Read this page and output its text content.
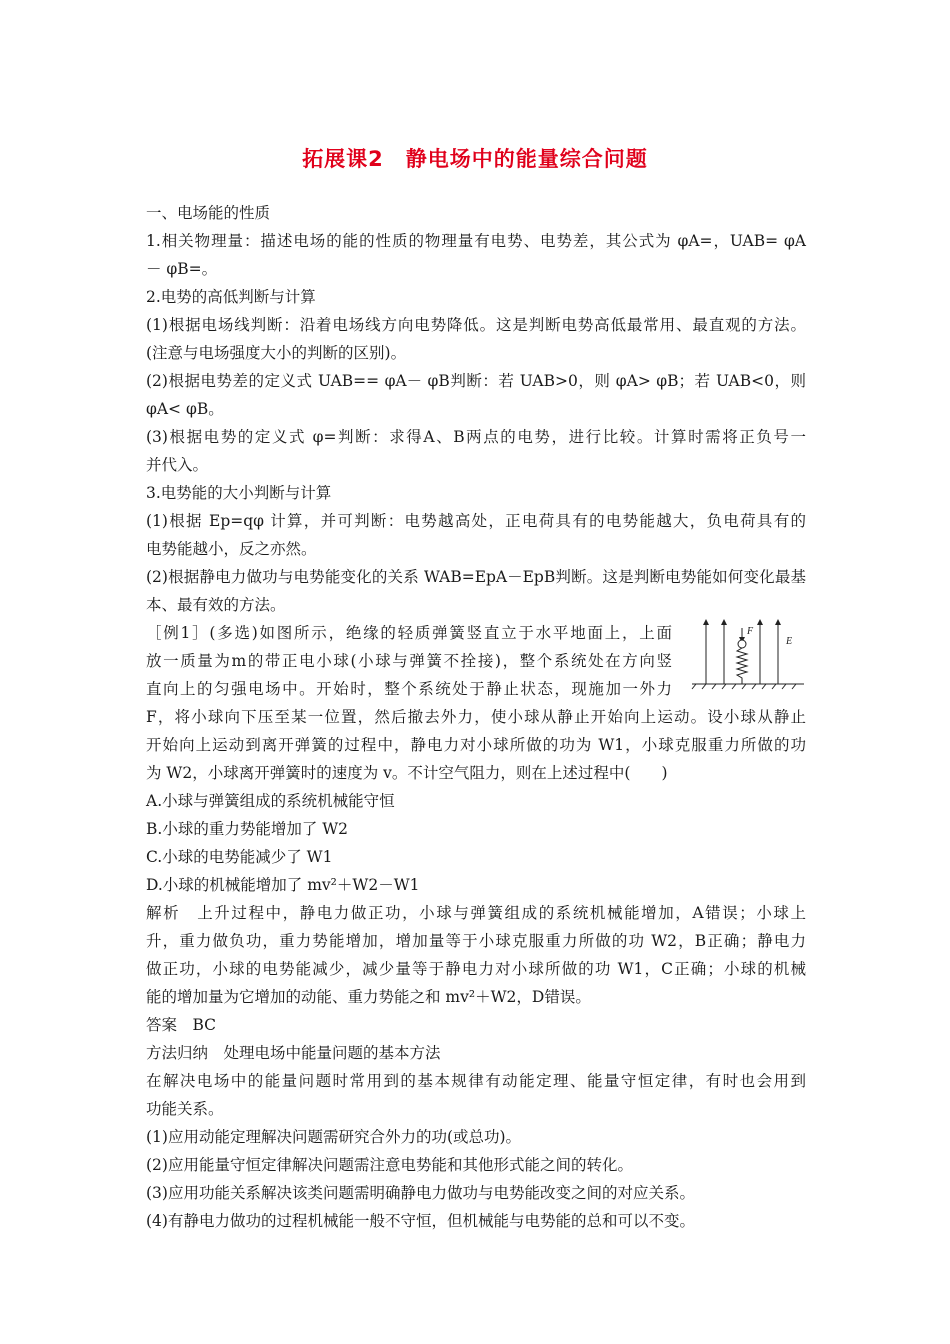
拓展课2　静电场中的能量综合问题
一、电场能的性质
1.相关物理量：描述电场的能的性质的物理量有电势、电势差，其公式为 φA=，UAB= φA
－ φB=。
2.电势的高低判断与计算
(1)根据电场线判断：沿着电场线方向电势降低。这是判断电势高低最常用、最直观的方法。
(注意与电场强度大小的判断的区别)。
(2)根据电势差的定义式 UAB== φA－ φB判断：若 UAB>0，则 φA> φB；若 UAB<0，则
φA< φB。
(3)根据电势的定义式 φ=判断：求得A、B两点的电势，进行比较。计算时需将正负号一
并代入。
3.电势能的大小判断与计算
(1)根据 Ep=qφ 计算，并可判断：电势越高处，正电荷具有的电势能越大，负电荷具有的
电势能越小，反之亦然。
(2)根据静电力做功与电势能变化的关系 WAB=EpA－EpB判断。这是判断电势能如何变化最基
本、最有效的方法。
［例1］(多选)如图所示，绝缘的轻质弹簧竖直立于水平地面上，上面
放一质量为m的带正电小球(小球与弹簧不拴接)，整个系统处在方向竖
直向上的匀强电场中。开始时，整个系统处于静止状态，现施加一外力
F，将小球向下压至某一位置，然后撤去外力，使小球从静止开始向上运动。设小球从静止
开始向上运动到离开弹簧的过程中，静电力对小球所做的功为 W1，小球克服重力所做的功
为 W2，小球离开弹簧时的速度为 v。不计空气阻力，则在上述过程中(　　)
A.小球与弹簧组成的系统机械能守恒
B.小球的重力势能增加了 W2
C.小球的电势能减少了 W1
D.小球的机械能增加了 mv²＋W2－W1
解析　上升过程中，静电力做正功，小球与弹簧组成的系统机械能增加，A错误；小球上
升，重力做负功，重力势能增加，增加量等于小球克服重力所做的功 W2，B正确；静电力
做正功，小球的电势能减少，减少量等于静电力对小球所做的功 W1，C正确；小球的机械
能的增加量为它增加的动能、重力势能之和 mv²＋W2，D错误。
答案　BC
方法归纳　处理电场中能量问题的基本方法
在解决电场中的能量问题时常用到的基本规律有动能定理、能量守恒定律，有时也会用到
功能关系。
(1)应用动能定理解决问题需研究合外力的功(或总功)。
(2)应用能量守恒定律解决问题需注意电势能和其他形式能之间的转化。
(3)应用功能关系解决该类问题需明确静电力做功与电势能改变之间的对应关系。
(4)有静电力做功的过程机械能一般不守恒，但机械能与电势能的总和可以不变。
F
E
